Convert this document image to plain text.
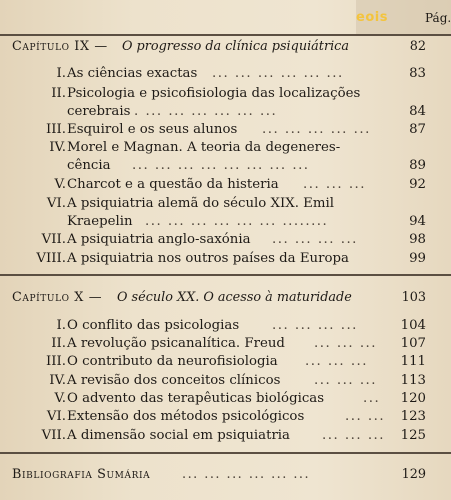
eois	Pág.
Capítulo IX — O progresso da clínica psiquiátrica	82
I. As ciências exactas ... ... ... ... ... ...	83
II. Psicologia e psicofisiologia das localizações
cerebrais . ... ... ... ... ... ...	84
III. Esquirol e os seus alunos ... ... ... ... ...	87
IV. Morel e Magnan. A teoria da degeneres-
cência ... ... ... ... ... ... ... ...	89
V. Charcot e a questão da histeria ... ... ...	92
VI. A psiquiatria alemã do século XIX. Emil
Kraepelin ... ... ... ... ... ... ........	94
VII. A psiquiatria anglo-saxónia ... ... ... ...	98
VIII. A psiquiatria nos outros países da Europa	99
Capítulo X — O século XX. O acesso à maturidade	103
I. O conflito das psicologias ... ... ... ...	104
II. A revolução psicanalítica. Freud ... ... ... 107
III. O contributo da neurofisiologia ... ... ... 111
IV. A revisão dos conceitos clínicos	... ... ... 113
V. O advento das terapêuticas biológicas	... 120
VI. Extensão dos métodos psicológicos	... ... 123
VII. A dimensão social em psiquiatria ... ... ... 125
Bibliografia Sumária ... ... ... ... ... ...	129
